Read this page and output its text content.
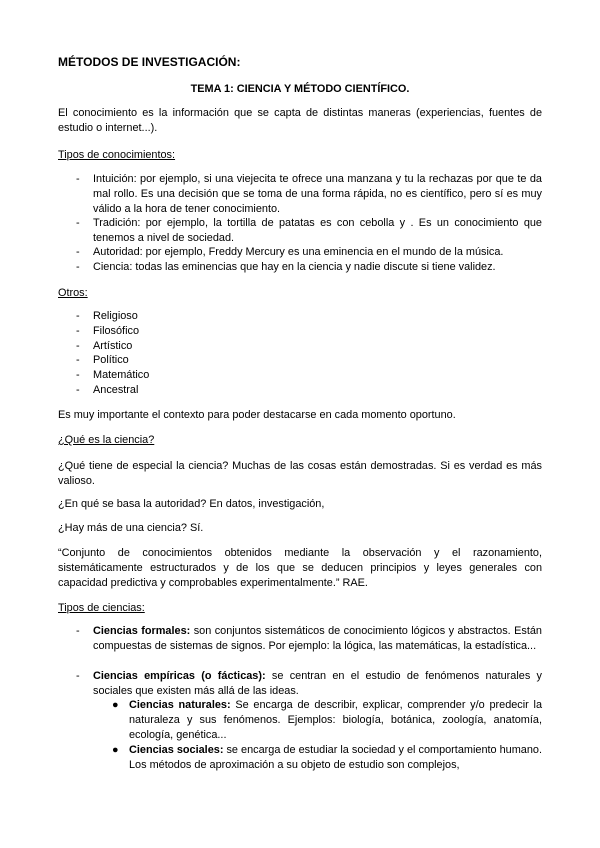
MÉTODOS DE INVESTIGACIÓN:
TEMA 1: CIENCIA Y MÉTODO CIENTÍFICO.
El conocimiento es la información que se capta de distintas maneras (experiencias, fuentes de estudio o internet...).
Tipos de conocimientos:
- Intuición: por ejemplo, si una viejecita te ofrece una manzana y tu la rechazas por que te da mal rollo. Es una decisión que se toma de una forma rápida, no es científico, pero sí es muy válido a la hora de tener conocimiento.
- Tradición: por ejemplo, la tortilla de patatas es con cebolla y . Es un conocimiento que tenemos a nivel de sociedad.
- Autoridad: por ejemplo, Freddy Mercury es una eminencia en el mundo de la música.
- Ciencia: todas las eminencias que hay en la ciencia y nadie discute si tiene validez.
Otros:
- Religioso
- Filosófico
- Artístico
- Político
- Matemático
- Ancestral
Es muy importante el contexto para poder destacarse en cada momento oportuno.
¿Qué es la ciencia?
¿Qué tiene de especial la ciencia? Muchas de las cosas están demostradas. Si es verdad es más valioso.
¿En qué se basa la autoridad? En datos, investigación,
¿Hay más de una ciencia? Sí.
“Conjunto de conocimientos obtenidos mediante la observación y el razonamiento, sistemáticamente estructurados y de los que se deducen principios y leyes generales con capacidad predictiva y comprobables experimentalmente.” RAE.
Tipos de ciencias:
- Ciencias formales: son conjuntos sistemáticos de conocimiento lógicos y abstractos. Están compuestas de sistemas de signos. Por ejemplo: la lógica, las matemáticas, la estadística...
- Ciencias empíricas (o fácticas): se centran en el estudio de fenómenos naturales y sociales que existen más allá de las ideas.
● Ciencias naturales: Se encarga de describir, explicar, comprender y/o predecir la naturaleza y sus fenómenos. Ejemplos: biología, botánica, zoología, anatomía, ecología, genética...
● Ciencias sociales: se encarga de estudiar la sociedad y el comportamiento humano. Los métodos de aproximación a su objeto de estudio son complejos,
